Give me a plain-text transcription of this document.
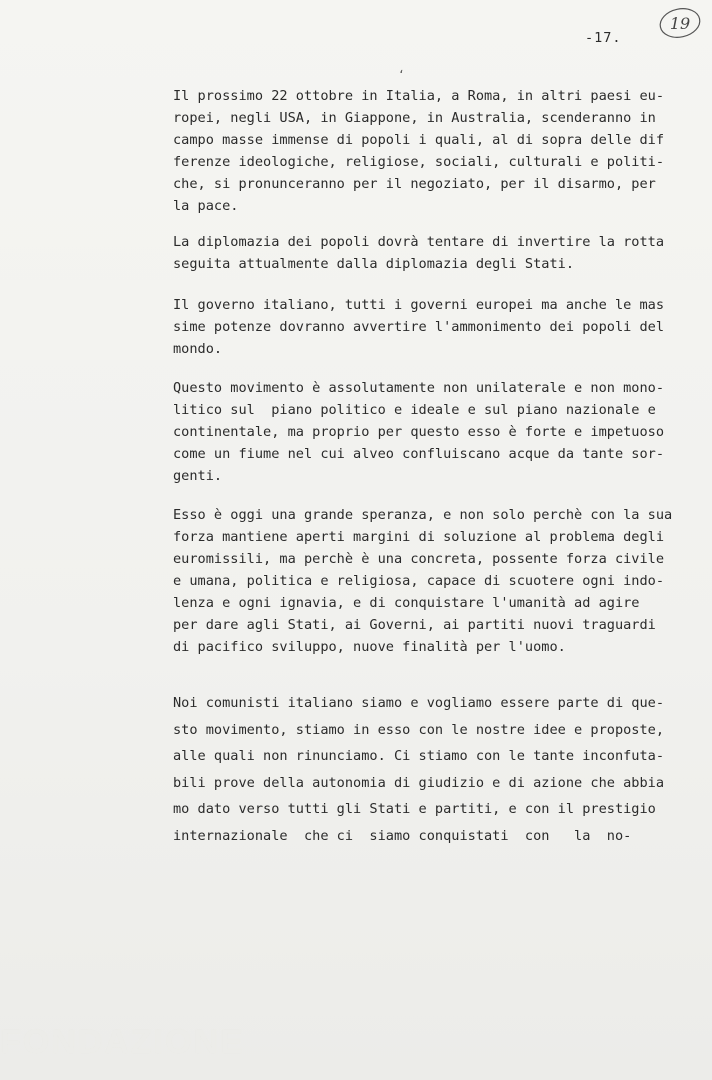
19
-17.
ʻ
Il prossimo 22 ottobre in Italia, a Roma, in altri paesi eu-
ropei, negli USA, in Giappone, in Australia, scenderanno in
campo masse immense di popoli i quali, al di sopra delle dif
ferenze ideologiche, religiose, sociali, culturali e politi-
che, si pronunceranno per il negoziato, per il disarmo, per
la pace.
La diplomazia dei popoli dovrà tentare di invertire la rotta
seguita attualmente dalla diplomazia degli Stati.
Il governo italiano, tutti i governi europei ma anche le mas
sime potenze dovranno avvertire l'ammonimento dei popoli del
mondo.
Questo movimento è assolutamente non unilaterale e non mono-
litico sul  piano politico e ideale e sul piano nazionale e
continentale, ma proprio per questo esso è forte e impetuoso
come un fiume nel cui alveo confluiscano acque da tante sor-
genti.
Esso è oggi una grande speranza, e non solo perchè con la sua
forza mantiene aperti margini di soluzione al problema degli
euromissili, ma perchè è una concreta, possente forza civile
e umana, politica e religiosa, capace di scuotere ogni indo-
lenza e ogni ignavia, e di conquistare l'umanità ad agire
per dare agli Stati, ai Governi, ai partiti nuovi traguardi
di pacifico sviluppo, nuove finalità per l'uomo.
Noi comunisti italiano siamo e vogliamo essere parte di que-
sto movimento, stiamo in esso con le nostre idee e proposte,
alle quali non rinunciamo. Ci stiamo con le tante inconfuta-
bili prove della autonomia di giudizio e di azione che abbia
mo dato verso tutti gli Stati e partiti, e con il prestigio
internazionale  che ci  siamo conquistati  con   la  no-
FONDAZIONE
